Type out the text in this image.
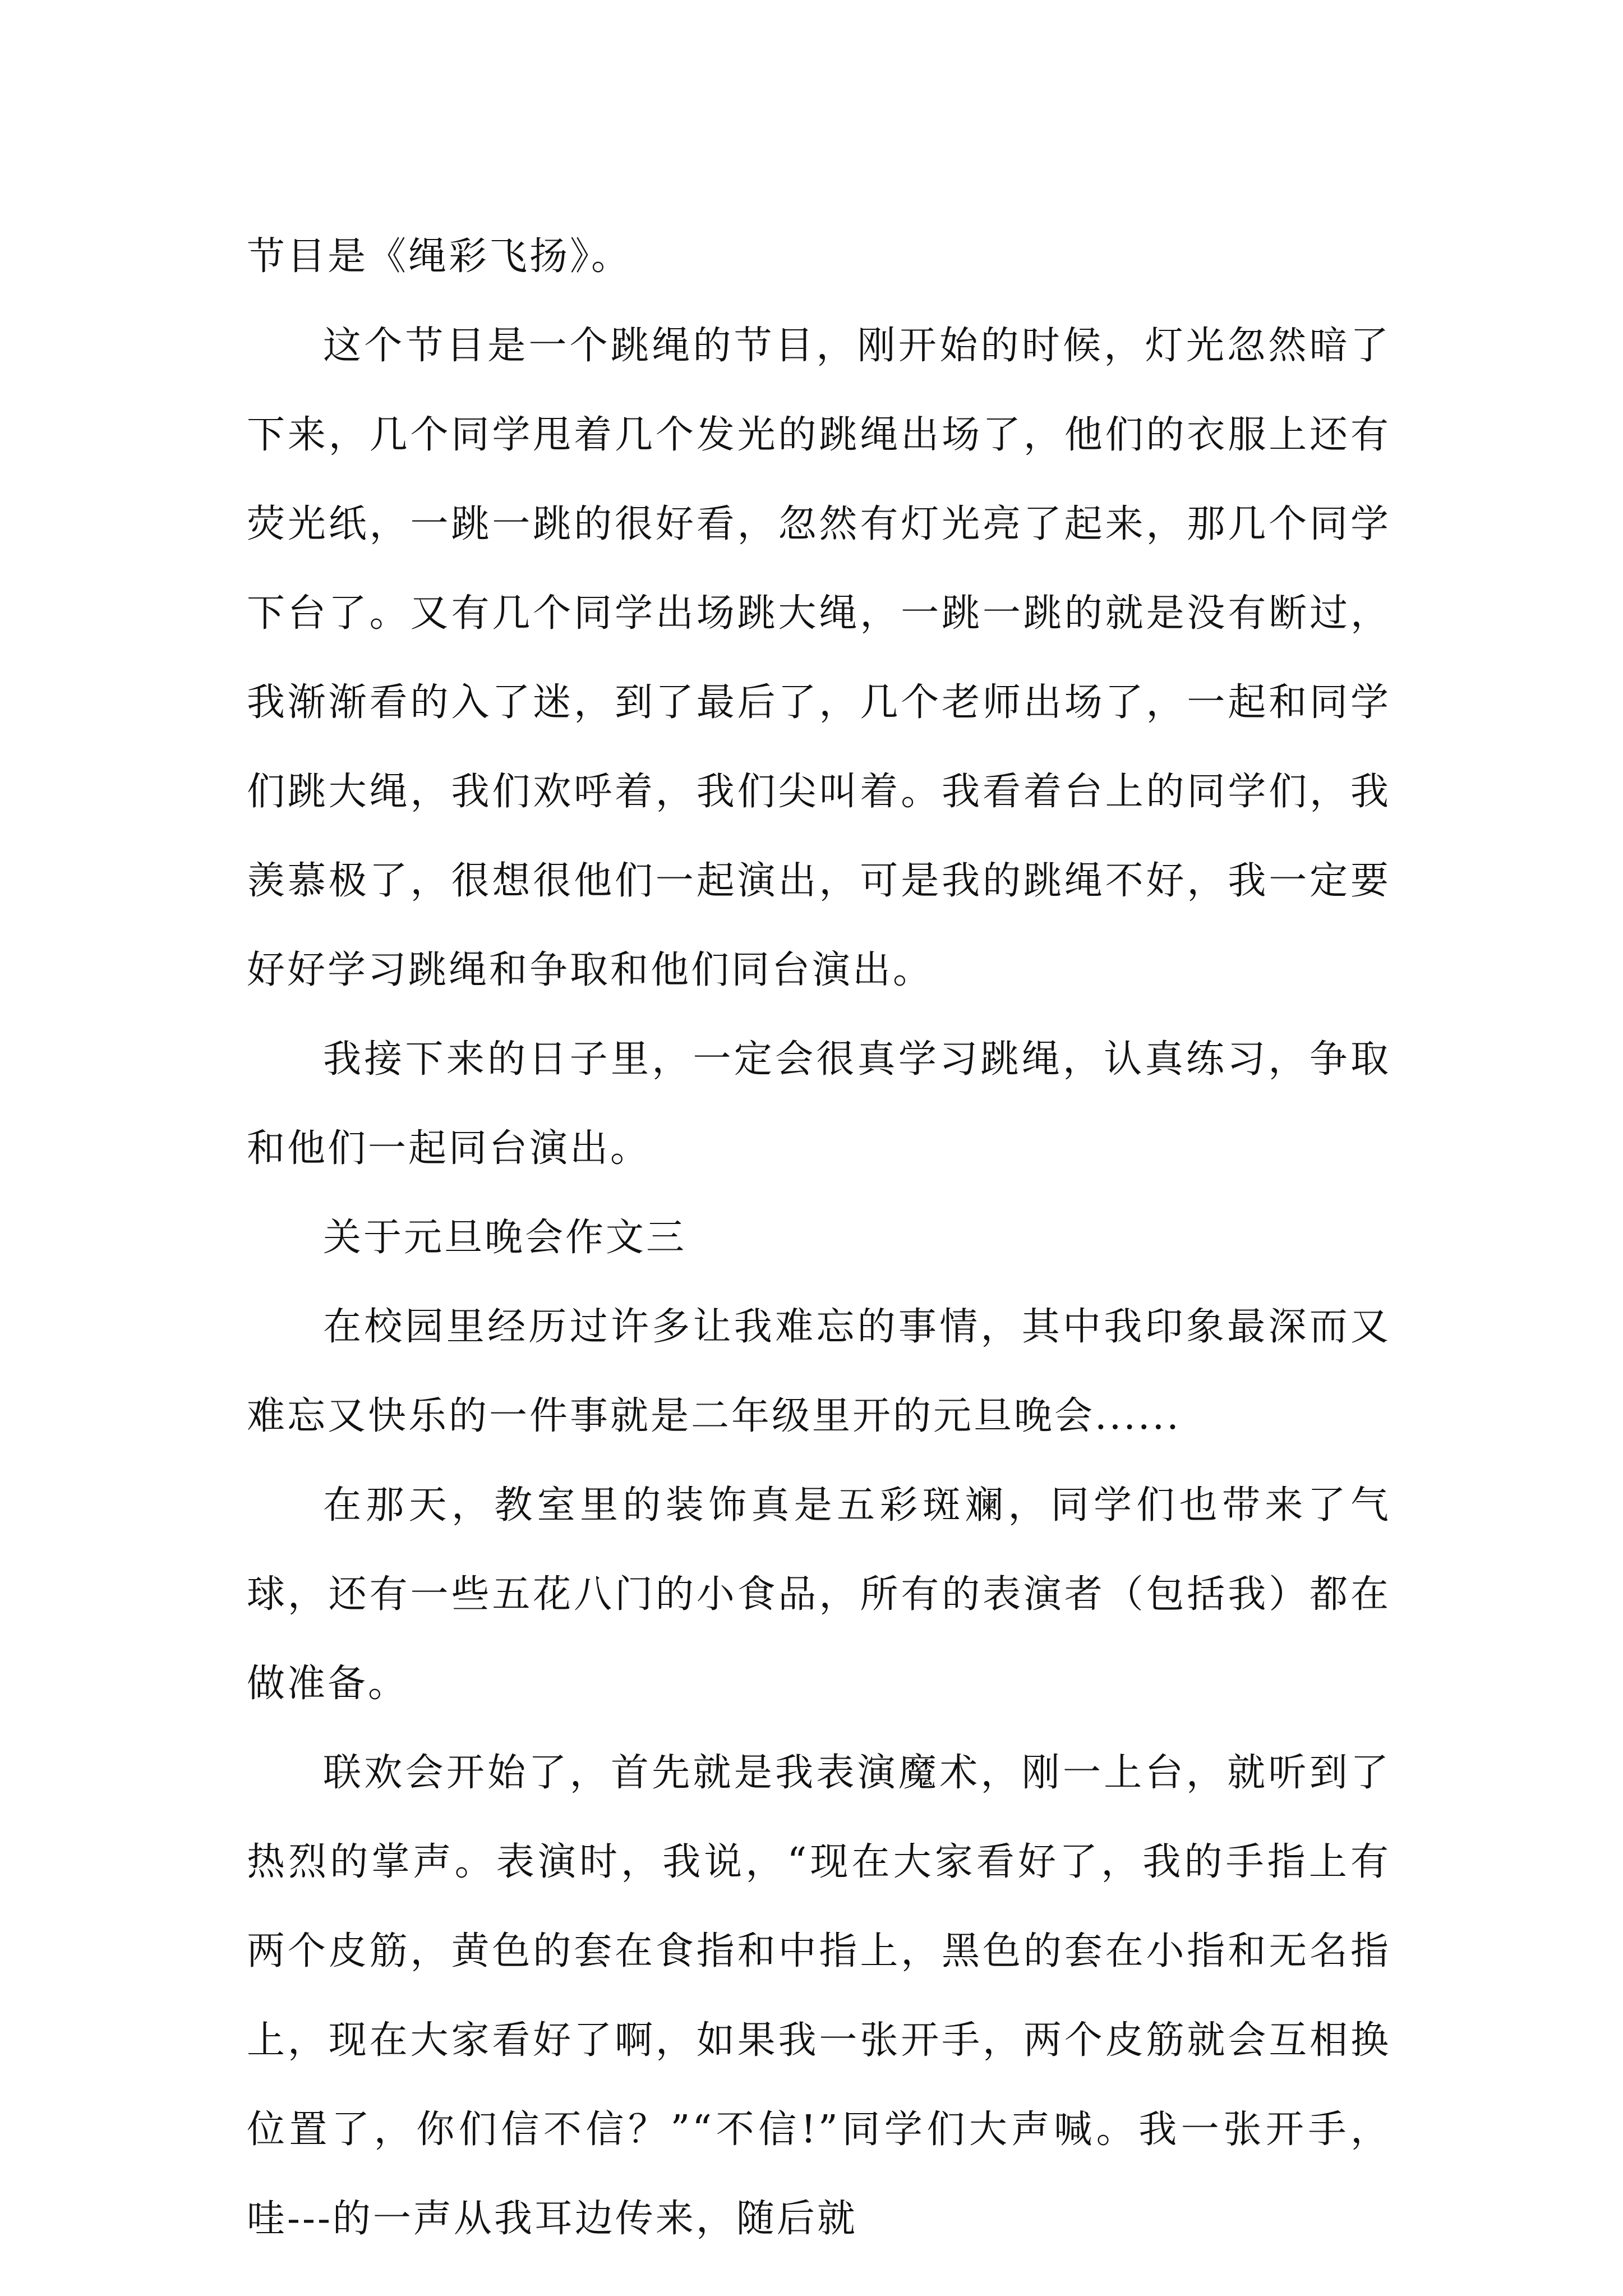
节目是《绳彩飞扬》。

这个节目是一个跳绳的节目，刚开始的时候，灯光忽然暗了下来，几个同学甩着几个发光的跳绳出场了，他们的衣服上还有荧光纸，一跳一跳的很好看，忽然有灯光亮了起来，那几个同学下台了。又有几个同学出场跳大绳，一跳一跳的就是没有断过，我渐渐看的入了迷，到了最后了，几个老师出场了，一起和同学们跳大绳，我们欢呼着，我们尖叫着。我看着台上的同学们，我羡慕极了，很想很他们一起演出，可是我的跳绳不好，我一定要好好学习跳绳和争取和他们同台演出。

我接下来的日子里，一定会很真学习跳绳，认真练习，争取和他们一起同台演出。

关于元旦晚会作文三

在校园里经历过许多让我难忘的事情，其中我印象最深而又难忘又快乐的一件事就是二年级里开的元旦晚会......

在那天，教室里的装饰真是五彩斑斓，同学们也带来了气球，还有一些五花八门的小食品，所有的表演者（包括我）都在做准备。

联欢会开始了，首先就是我表演魔术，刚一上台，就听到了热烈的掌声。表演时，我说，“现在大家看好了，我的手指上有两个皮筋，黄色的套在食指和中指上，黑色的套在小指和无名指上，现在大家看好了啊，如果我一张开手，两个皮筋就会互相换位置了，你们信不信？”“不信!”同学们大声喊。我一张开手，哇---的一声从我耳边传来，随后就
